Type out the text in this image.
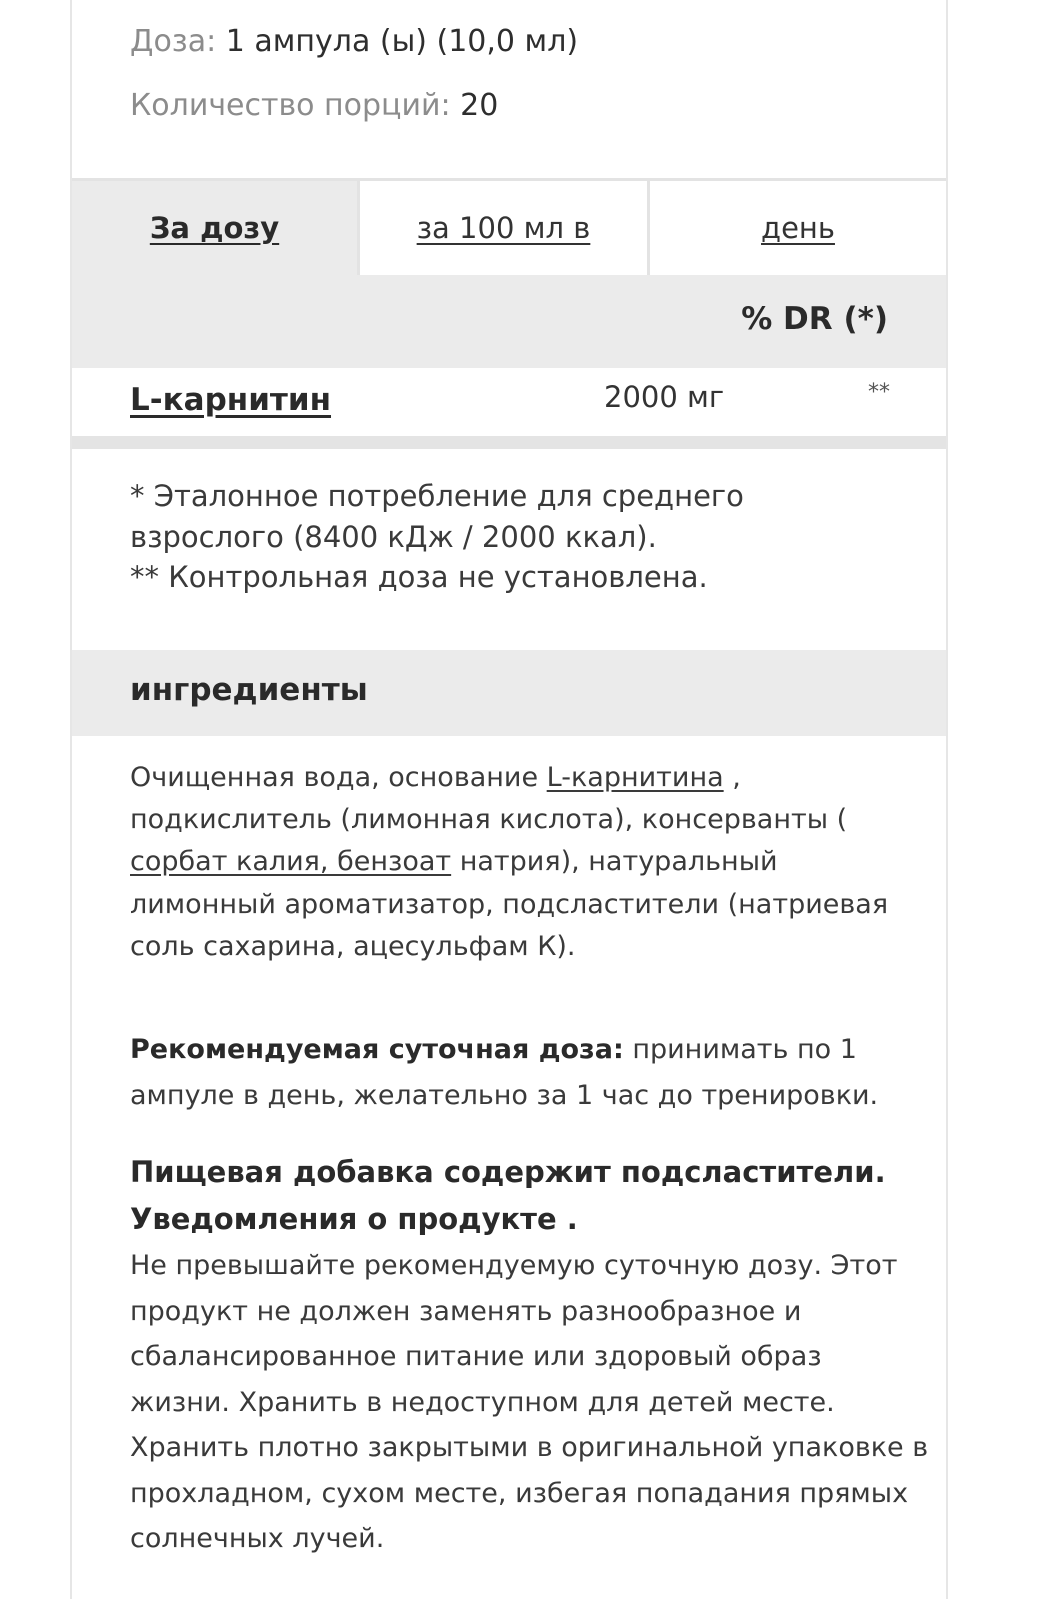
Доза: 1 ампула (ы) (10,0 мл)
Количество порций: 20
За дозу	за 100 мл в	день
% DR (*)
L-карнитин	2000 мг	**
* Эталонное потребление для среднего взрослого (8400 кДж / 2000 ккал).
** Контрольная доза не установлена.
ингредиенты
Очищенная вода, основание L-карнитина , подкислитель (лимонная кислота), консерванты ( сорбат калия, бензоат натрия), натуральный лимонный ароматизатор, подсластители (натриевая соль сахарина, ацесульфам К).
Рекомендуемая суточная доза: принимать по 1 ампуле в день, желательно за 1 час до тренировки.
Пищевая добавка содержит подсластители.
Уведомления о продукте .
Не превышайте рекомендуемую суточную дозу. Этот продукт не должен заменять разнообразное и сбалансированное питание или здоровый образ жизни. Хранить в недоступном для детей месте. Хранить плотно закрытыми в оригинальной упаковке в прохладном, сухом месте, избегая попадания прямых солнечных лучей.
